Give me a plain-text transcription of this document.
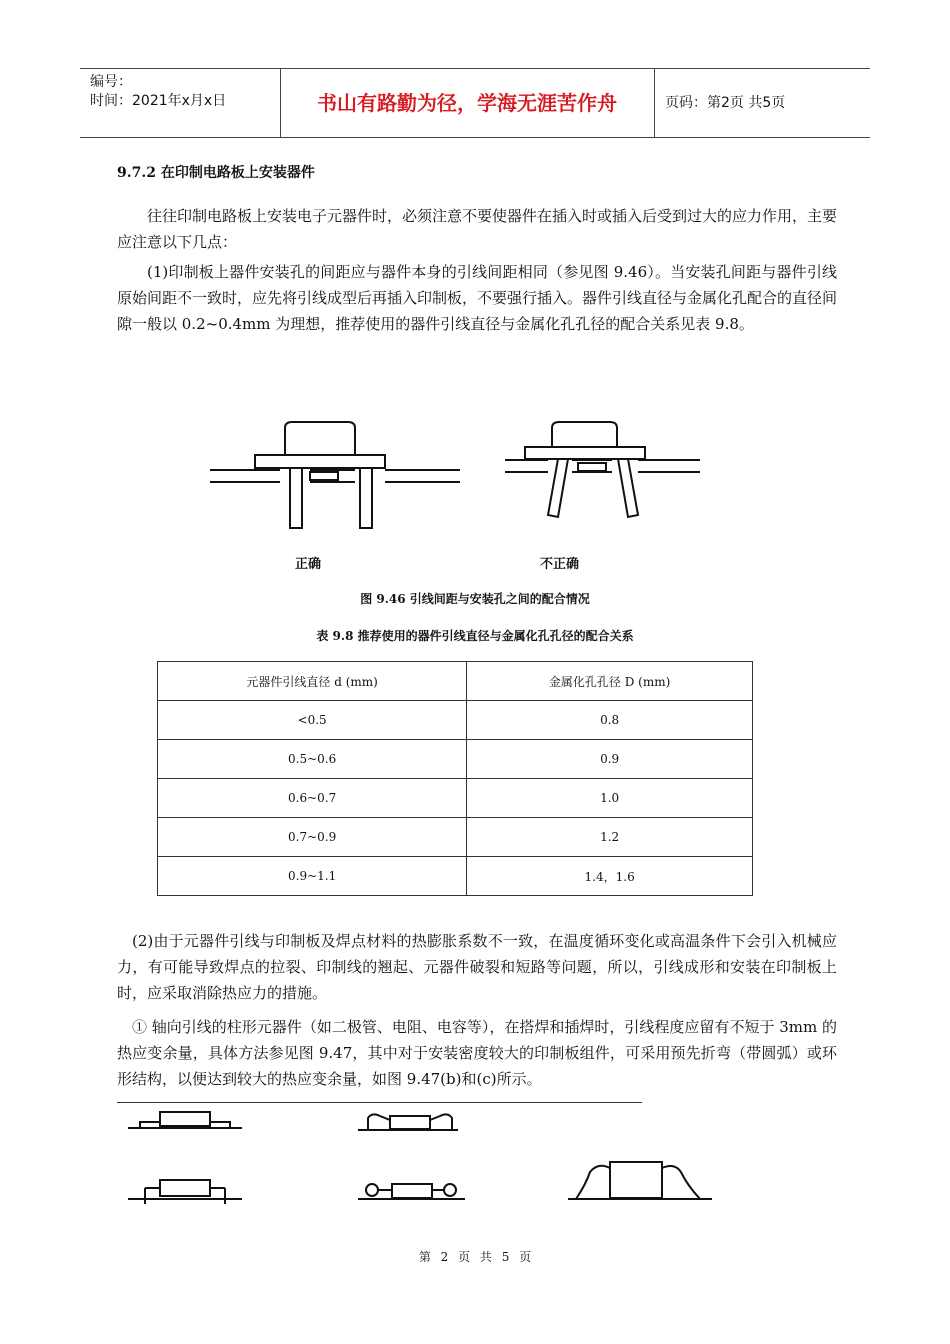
编号：
时间：2021年x月x日	书山有路勤为径，学海无涯苦作舟	页码：第2页 共5页
9.7.2 在印制电路板上安装器件
往往印制电路板上安装电子元器件时，必须注意不要使器件在插入时或插入后受到过大的应力作用，主要应注意以下几点：
(1)印制板上器件安装孔的间距应与器件本身的引线间距相同（参见图 9.46）。当安装孔间距与器件引线原始间距不一致时，应先将引线成型后再插入印制板，不要强行插入。器件引线直径与金属化孔配合的直径间隙一般以 0.2~0.4mm 为理想，推荐使用的器件引线直径与金属化孔孔径的配合关系见表 9.8。
正确	不正确
图 9.46 引线间距与安装孔之间的配合情况
表 9.8 推荐使用的器件引线直径与金属化孔孔径的配合关系
元器件引线直径 d (mm)	金属化孔孔径 D (mm)
<0.5	0.8
0.5~0.6	0.9
0.6~0.7	1.0
0.7~0.9	1.2
0.9~1.1	1.4，1.6
(2)由于元器件引线与印制板及焊点材料的热膨胀系数不一致，在温度循环变化或高温条件下会引入机械应力，有可能导致焊点的拉裂、印制线的翘起、元器件破裂和短路等问题，所以，引线成形和安装在印制板上时，应采取消除热应力的措施。
① 轴向引线的柱形元器件（如二极管、电阻、电容等），在搭焊和插焊时，引线程度应留有不短于 3mm 的热应变余量，具体方法参见图 9.47，其中对于安装密度较大的印制板组件，可采用预先折弯（带圆弧）或环形结构，以便达到较大的热应变余量，如图 9.47(b)和(c)所示。
第 2 页 共 5 页
